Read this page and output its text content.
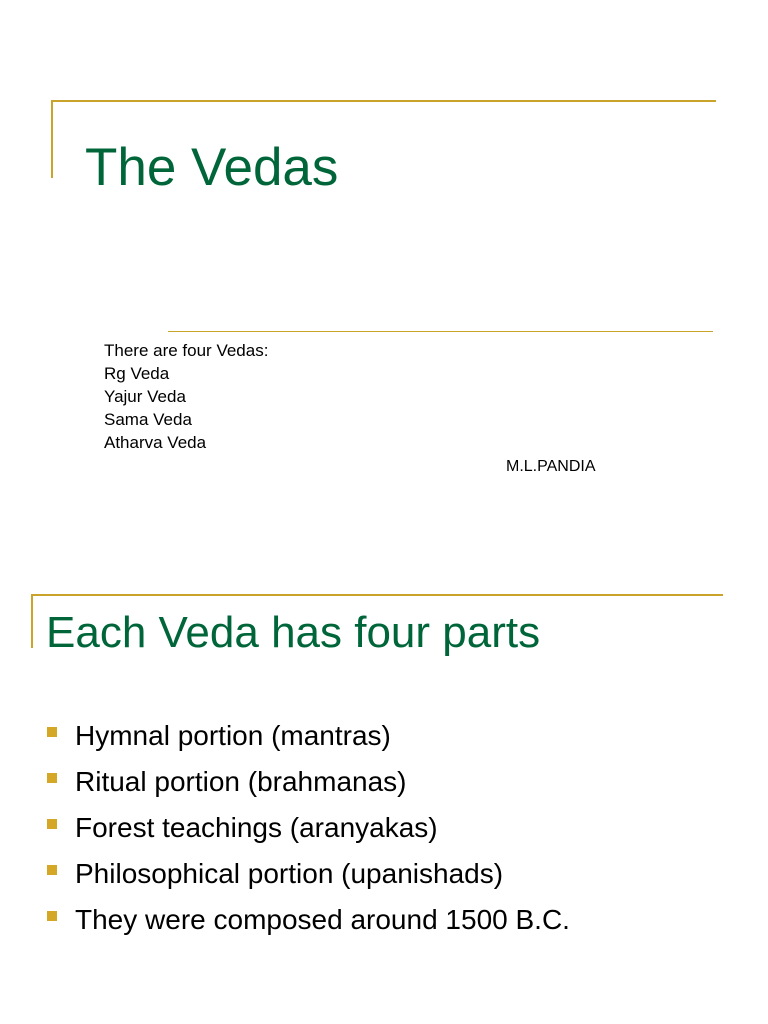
The Vedas
There are four Vedas:
Rg Veda
Yajur Veda
Sama Veda
Atharva Veda
M.L.PANDIA
Each Veda has four parts
Hymnal portion (mantras)
Ritual portion (brahmanas)
Forest teachings (aranyakas)
Philosophical portion (upanishads)
They were composed around 1500 B.C.
